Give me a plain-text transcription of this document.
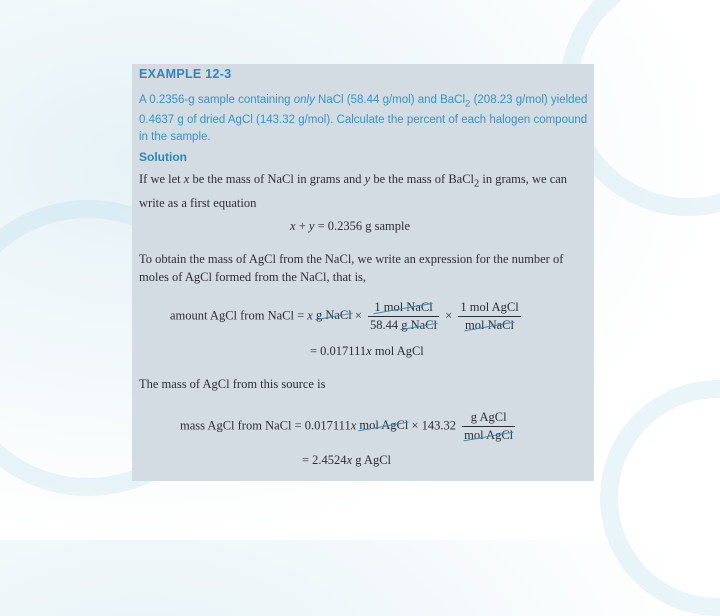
EXAMPLE 12-3
A 0.2356-g sample containing only NaCl (58.44 g/mol) and BaCl$_2$ (208.23 g/mol) yielded 0.4637 g of dried AgCl (143.32 g/mol). Calculate the percent of each halogen compound in the sample.
Solution
If we let x be the mass of NaCl in grams and y be the mass of BaCl$_2$ in grams, we can write as a first equation
x + y = 0.2356 g sample
To obtain the mass of AgCl from the NaCl, we write an expression for the number of moles of AgCl formed from the NaCl, that is,
amount AgCl from NaCl = x g NaCl × $\frac{\text{1 mol NaCl}}{\text{58.44 g NaCl}} \times \frac{\text{1 mol AgCl}}{\text{mol NaCl}}$
= 0.017111x mol AgCl
The mass of AgCl from this source is
mass AgCl from NaCl = 0.017111x mol AgCl × $143.32 \frac{\text{g AgCl}}{\text{mol AgCl}}$
= 2.4524x g AgCl
